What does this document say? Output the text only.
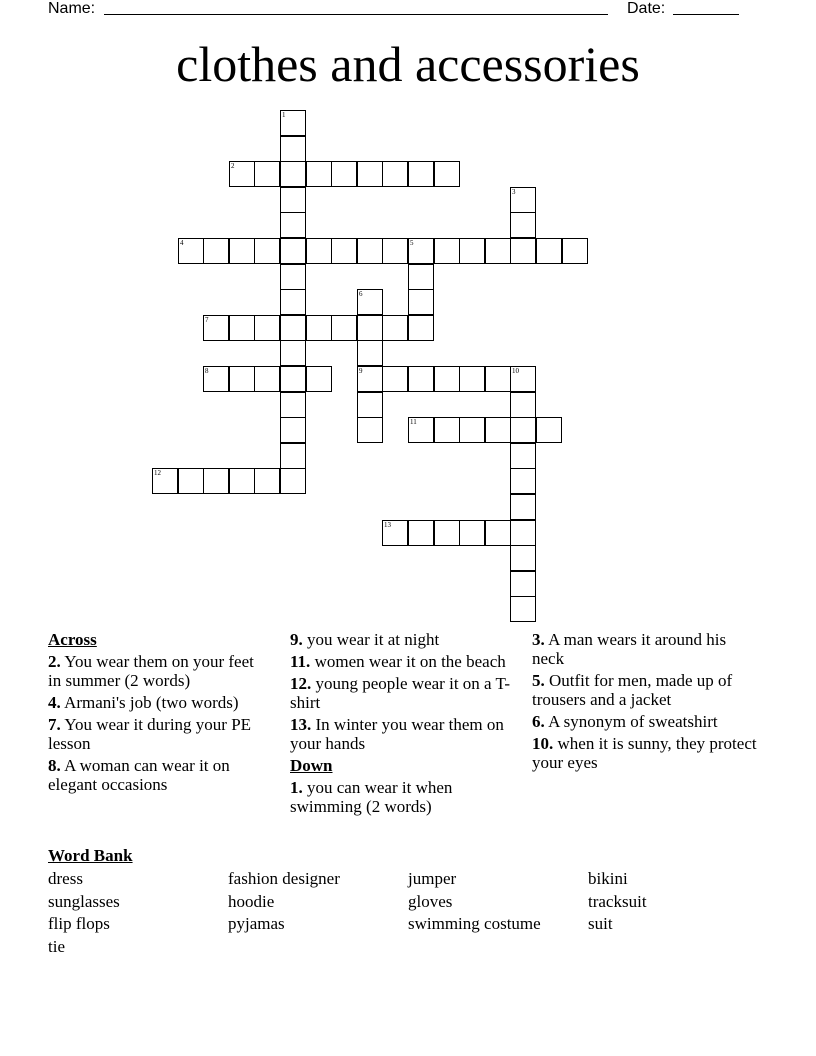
Name:	Date:
clothes and accessories
1
2
3
4	5
6
9
7
8	10
11
12
13
Across
2. You wear them on your feet in summer (2 words)
4. Armani's job (two words)
7. You wear it during your PE lesson
8. A woman can wear it on elegant occasions
9. you wear it at night
11. women wear it on the beach
12. young people wear it on a T-shirt
13. In winter you wear them on your hands
Down
1. you can wear it when swimming (2 words)
3. A man wears it around his neck
5. Outfit for men, made up of trousers and a jacket
6. A synonym of sweatshirt
10. when it is sunny, they protect your eyes
Word Bank
dress	fashion designer	jumper	bikini
sunglasses	hoodie	gloves	tracksuit
flip flops	pyjamas	swimming costume	suit
tie
